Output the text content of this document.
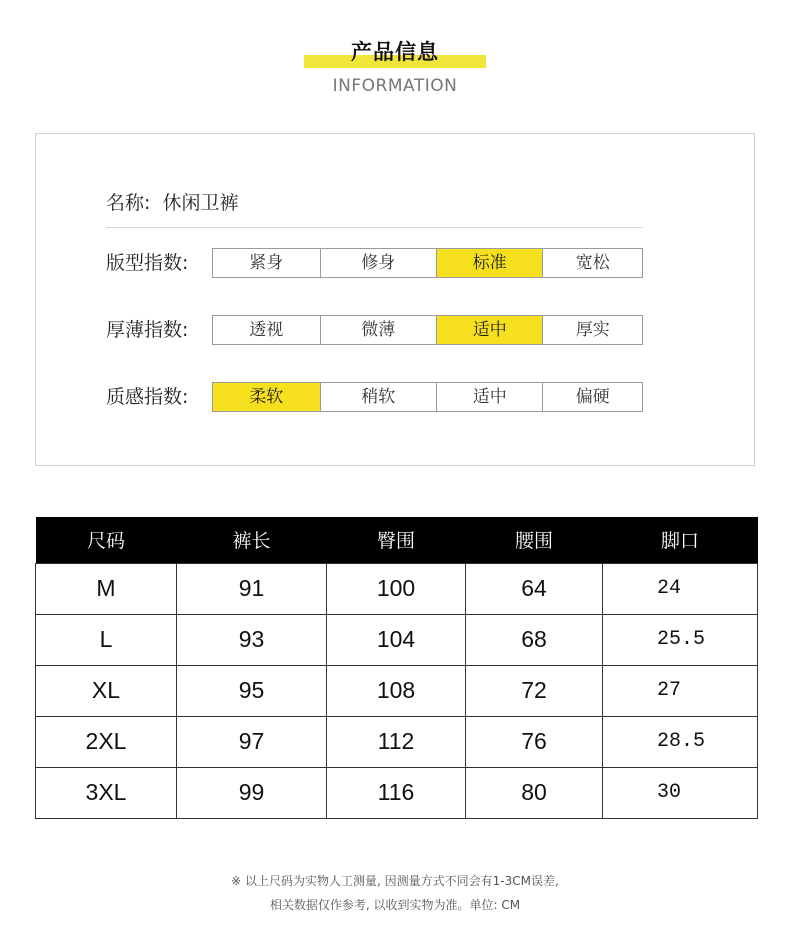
产品信息
INFORMATION
名称: 休闲卫裤
版型指数:	紧身	修身	标准	宽松
厚薄指数:	透视	微薄	适中	厚实
质感指数:	柔软	稍软	适中	偏硬
尺码	裤长	臀围	腰围	脚口
M	91	100	64	24
L	93	104	68	25.5
XL	95	108	72	27
2XL	97	112	76	28.5
3XL	99	116	80	30
※ 以上尺码为实物人工测量, 因测量方式不同会有1-3CM误差,
相关数据仅作参考, 以收到实物为准。单位: CM
